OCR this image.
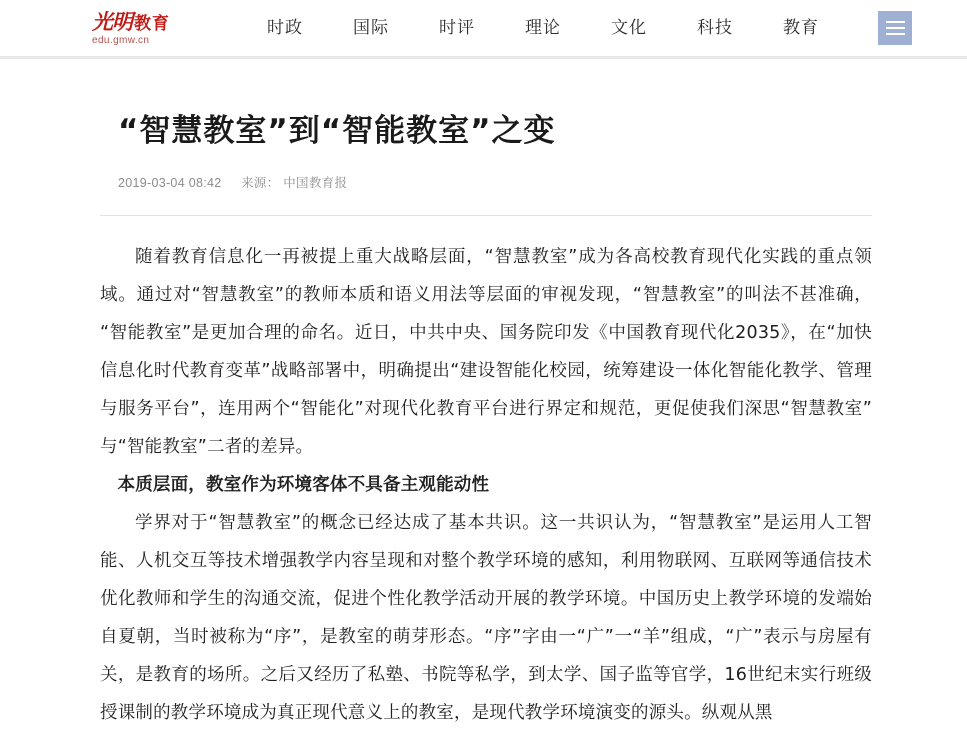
光明 教育
edu.gmw.cn
时政	国际	时评	理论	文化	科技	教育
“智慧教室”到“智能教室”之变
2019-03-04 08:42 来源： 中国教育报

随着教育信息化一再被提上重大战略层面，“智慧教室”成为各高校教育现代化实践的重点领域。通过对“智慧教室”的教师本质和语义用法等层面的审视发现，“智慧教室”的叫法不甚准确，“智能教室”是更加合理的命名。近日，中共中央、国务院印发《中国教育现代化2035》，在“加快信息化时代教育变革”战略部署中，明确提出“建设智能化校园，统筹建设一体化智能化教学、管理与服务平台”，连用两个“智能化”对现代化教育平台进行界定和规范，更促使我们深思“智慧教室”与“智能教室”二者的差异。

本质层面，教室作为环境客体不具备主观能动性

学界对于“智慧教室”的概念已经达成了基本共识。这一共识认为，“智慧教室”是运用人工智能、人机交互等技术增强教学内容呈现和对整个教学环境的感知，利用物联网、互联网等通信技术优化教师和学生的沟通交流，促进个性化教学活动开展的教学环境。中国历史上教学环境的发端始自夏朝，当时被称为“序”，是教室的萌芽形态。“序”字由一“广”一“羊”组成，“广”表示与房屋有关，是教育的场所。之后又经历了私塾、书院等私学，到太学、国子监等官学，16世纪末实行班级授课制的教学环境成为真正现代意义上的教室，是现代教学环境演变的源头。纵观从黑
